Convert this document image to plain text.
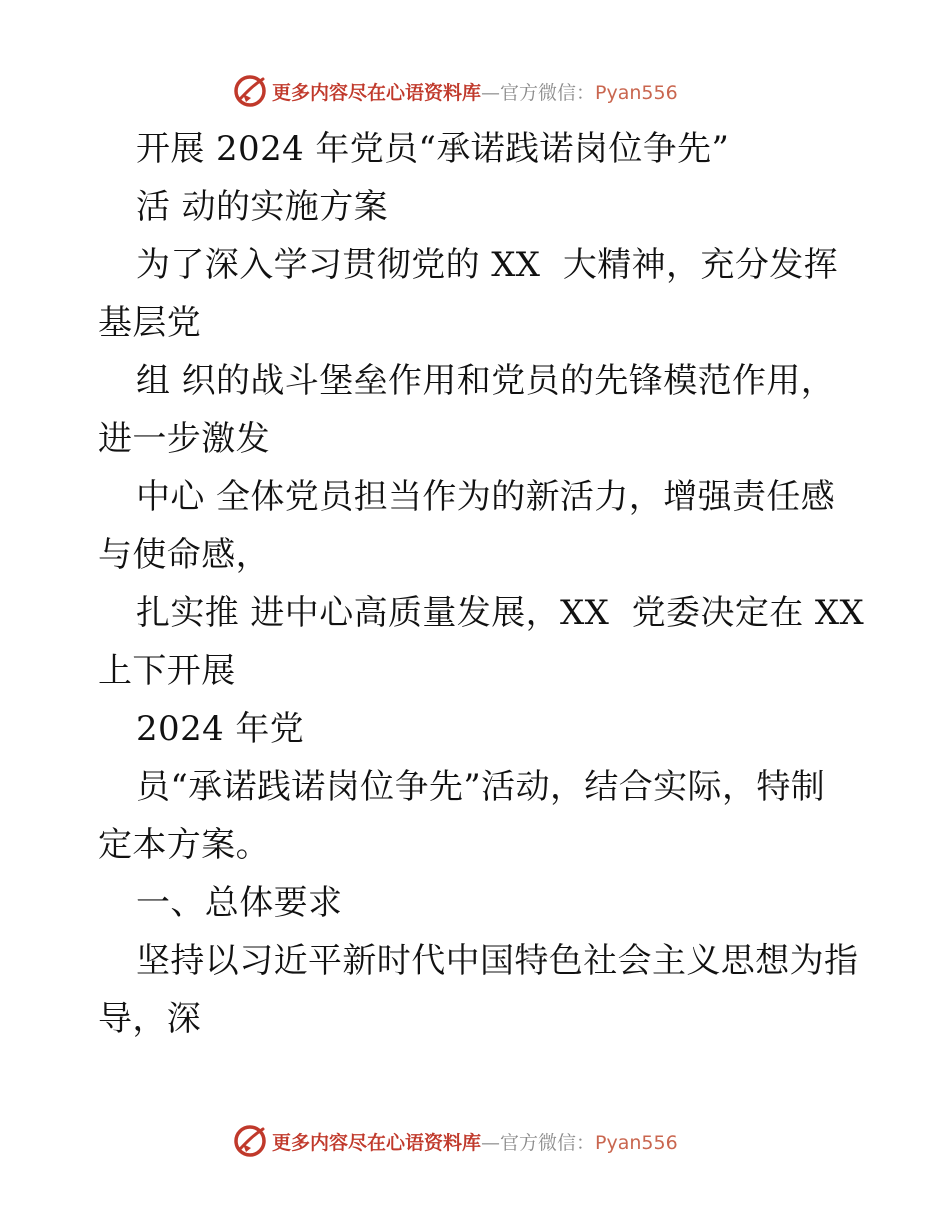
更多内容尽在心语资料库—官方微信：Pyan556
开展 2024 年党员“承诺践诺岗位争先”
活 动的实施方案
为了深入学习贯彻党的 XX  大精神，充分发挥
基层党
组 织的战斗堡垒作用和党员的先锋模范作用，
进一步激发
中心 全体党员担当作为的新活力，增强责任感
与使命感，
扎实推 进中心高质量发展，XX  党委决定在 XX
上下开展
2024 年党
员“承诺践诺岗位争先”活动，结合实际，特制
定本方案。
一、总体要求
坚持以习近平新时代中国特色社会主义思想为指
导，深
更多内容尽在心语资料库—官方微信：Pyan556
